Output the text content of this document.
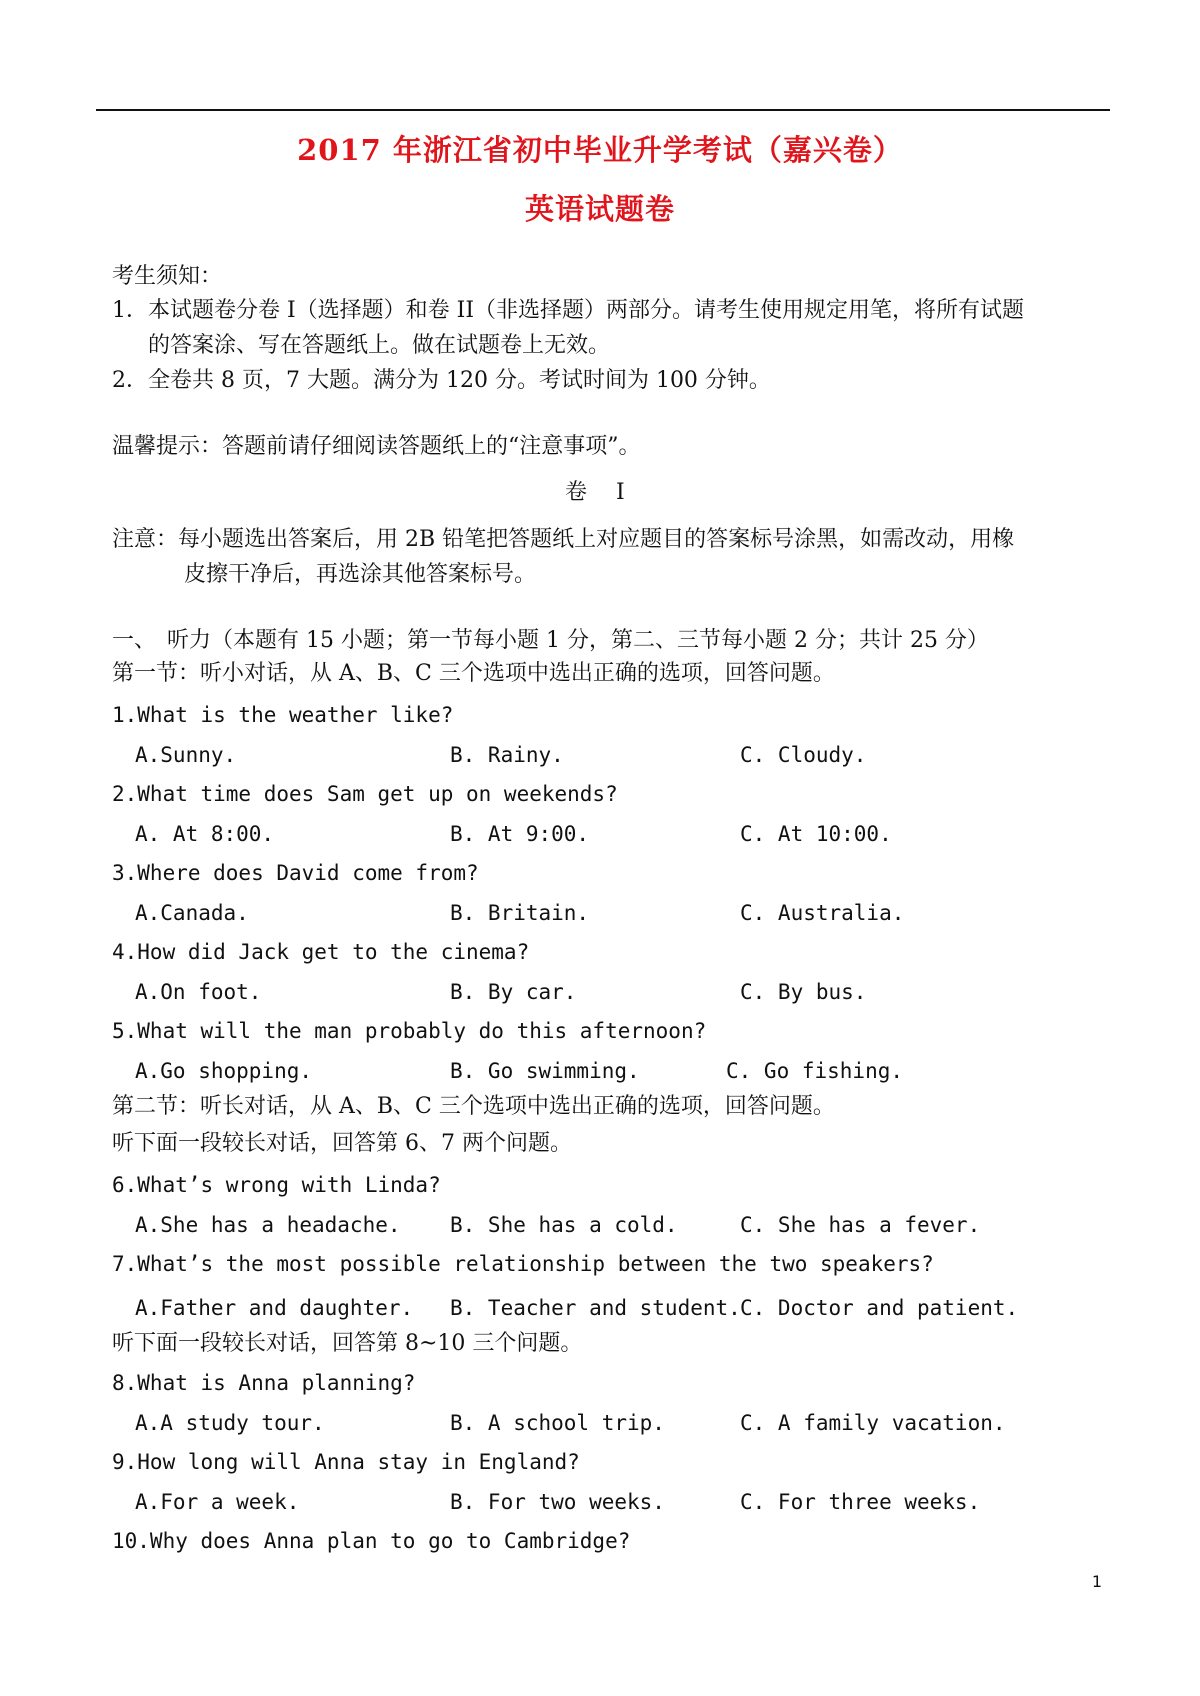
2017 年浙江省初中毕业升学考试（嘉兴卷）
英语试题卷
考生须知：
1．本试题卷分卷 I（选择题）和卷 II（非选择题）两部分。请考生使用规定用笔，将所有试题
的答案涂、写在答题纸上。做在试题卷上无效。
2．全卷共 8 页，7 大题。满分为 120 分。考试时间为 100 分钟。
温馨提示：答题前请仔细阅读答题纸上的“注意事项”。
卷　 I
注意：每小题选出答案后，用 2B 铅笔把答题纸上对应题目的答案标号涂黑，如需改动，用橡
皮擦干净后，再选涂其他答案标号。
一、　听力（本题有 15 小题；第一节每小题 1 分，第二、三节每小题 2 分；共计 25 分）
第一节：听小对话，从 A、B、C 三个选项中选出正确的选项，回答问题。
1.What is the weather like?
A.Sunny.	B. Rainy.	C. Cloudy.
2.What time does Sam get up on weekends?
A. At 8:00.	B. At 9:00.	C. At 10:00.
3.Where does David come from?
A.Canada.	B. Britain.	C. Australia.
4.How did Jack get to the cinema?
A.On foot.	B. By car.	C. By bus.
5.What will the man probably do this afternoon?
A.Go shopping.	B. Go swimming.	C. Go fishing.
第二节：听长对话，从 A、B、C 三个选项中选出正确的选项，回答问题。
听下面一段较长对话，回答第 6、7 两个问题。
6.What’s wrong with Linda?
A.She has a headache. B. She has a cold.	C. She has a fever.
7.What’s the most possible relationship between the two speakers?
A.Father and daughter. B. Teacher and student. C. Doctor and patient.
听下面一段较长对话，回答第 8~10 三个问题。
8.What is Anna planning?
A.A study tour.	B. A school trip.	C. A family vacation.
9.How long will Anna stay in England?
A.For a week.	B. For two weeks.	C. For three weeks.
10.Why does Anna plan to go to Cambridge?
1
